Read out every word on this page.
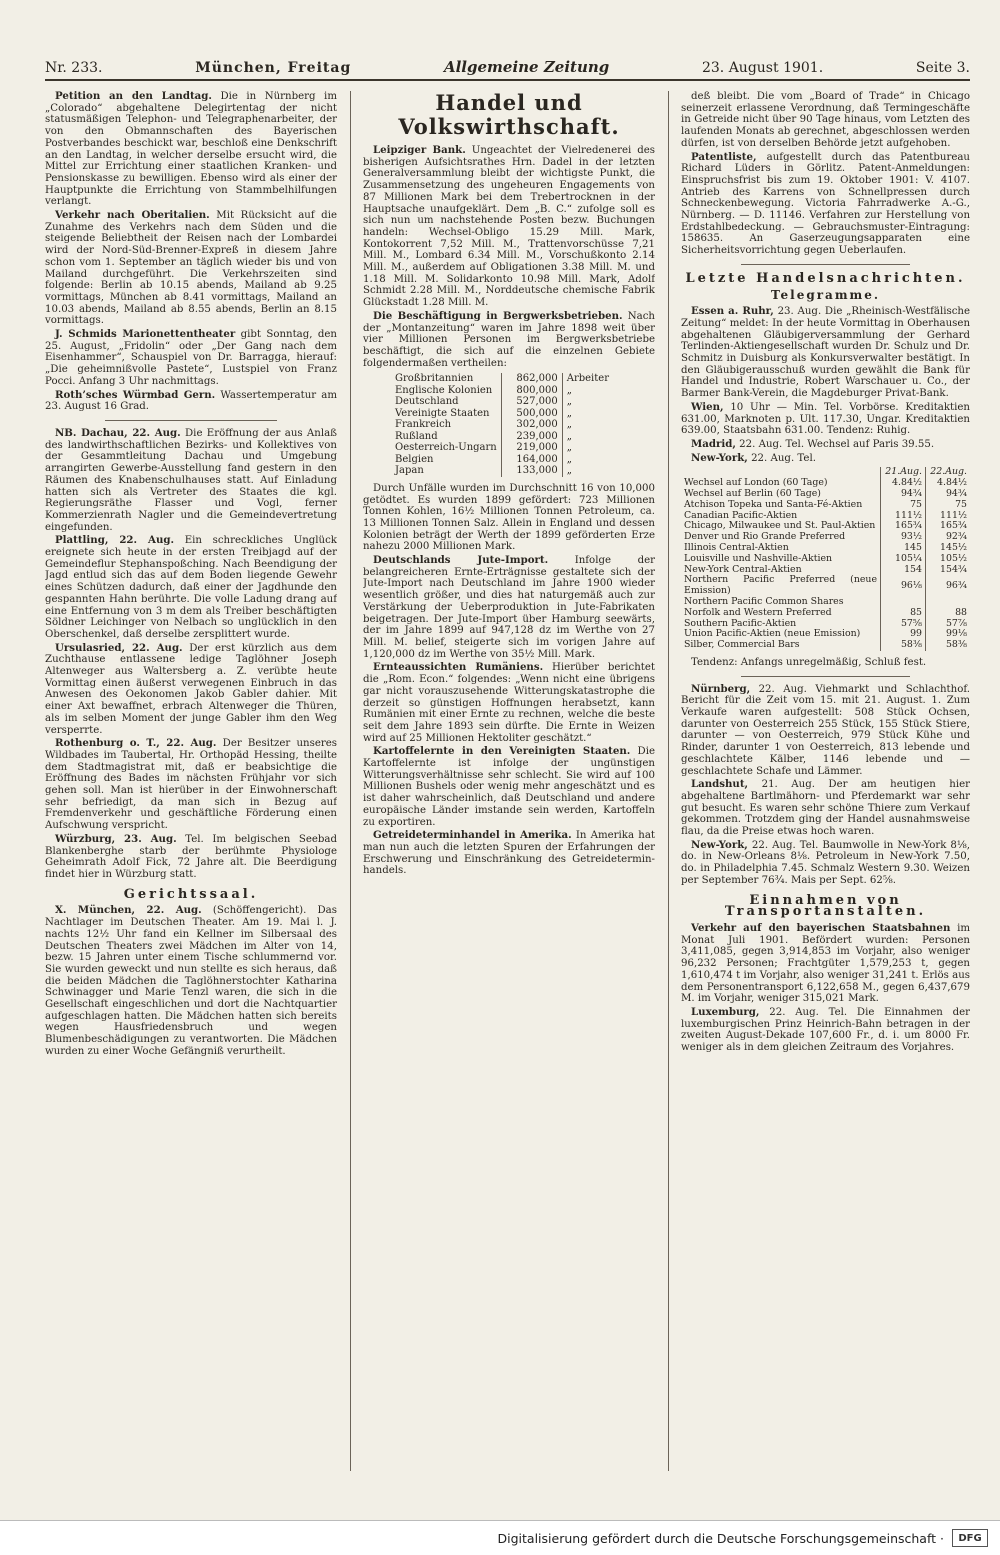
Nr. 233.	München, Freitag	Allgemeine Zeitung	23. August 1901.	Seite 3.

Petition an den Landtag. Die in Nürnberg im „Colorado“ abgehaltene Delegirtentag der nicht statusmäßigen Telephon- und Telegraphenarbeiter, der von den Obmannschaften des Bayerischen Postverbandes beschickt war, beschloß eine Denkschrift an den Landtag, in welcher derselbe ersucht wird, die Mittel zur Errichtung einer staatlichen Kranken- und Pensionskasse zu bewilligen. Ebenso wird als einer der Hauptpunkte die Errichtung von Stammbelhilfungen verlangt.

Verkehr nach Oberitalien. Mit Rücksicht auf die Zunahme des Verkehrs nach dem Süden und die steigende Beliebtheit der Reisen nach der Lombardei wird der Nord-Süd-Brenner-Expreß in diesem Jahre schon vom 1. September an täglich wieder bis und von Mailand durchgeführt. Die Verkehrszeiten sind folgende: Berlin ab 10.15 abends, Mailand ab 9.25 vormittags, München ab 8.41 vormittags, Mailand an 10.03 abends, Mailand ab 8.55 abends, Berlin an 8.15 vormittags.

J. Schmids Marionettentheater gibt Sonntag, den 25. August, „Fridolin“ oder „Der Gang nach dem Eisenhammer“, Schauspiel von Dr. Barragga, hierauf: „Die geheimnißvolle Pastete“, Lustspiel von Franz Pocci. Anfang 3 Uhr nachmittags.

Roth’sches Würmbad Gern. Wassertemperatur am 23. August 16 Grad.

NB. Dachau, 22. Aug. Die Eröffnung der aus Anlaß des landwirthschaftlichen Bezirks- und Kollektives von der Gesammtleitung Dachau und Umgebung arrangirten Gewerbe-Ausstellung fand gestern in den Räumen des Knabenschulhauses statt. Auf Einladung hatten sich als Vertreter des Staates die kgl. Regierungsräthe Flasser und Vogl, ferner Kommerzienrath Nagler und die Gemeindevertretung eingefunden.

Plattling, 22. Aug. Ein schreckliches Unglück ereignete sich heute in der ersten Treibjagd auf der Gemeindeflur Stephanspoßching. Nach Beendigung der Jagd entlud sich das auf dem Boden liegende Gewehr eines Schützen dadurch, daß einer der Jagdhunde den gespannten Hahn berührte. Die volle Ladung drang auf eine Entfernung von 3 m dem als Treiber beschäftigten Söldner Leichinger von Nelbach so unglücklich in den Oberschenkel, daß derselbe zersplittert wurde.

Ursulasried, 22. Aug. Der erst kürzlich aus dem Zuchthause entlassene ledige Taglöhner Joseph Altenweger aus Waltersberg a. Z. verübte heute Vormittag einen äußerst verwegenen Einbruch in das Anwesen des Oekonomen Jakob Gabler dahier. Mit einer Axt bewaffnet, erbrach Altenweger die Thüren, als im selben Moment der junge Gabler ihm den Weg versperrte.

Rothenburg o. T., 22. Aug. Der Besitzer unseres Wildbades im Taubertal, Hr. Orthopäd Hessing, theilte dem Stadtmagistrat mit, daß er beabsichtige die Eröffnung des Bades im nächsten Frühjahr vor sich gehen soll. Man ist hierüber in der Einwohnerschaft sehr befriedigt, da man sich in Bezug auf Fremdenverkehr und geschäftliche Förderung einen Aufschwung verspricht.

Würzburg, 23. Aug. Tel. Im belgischen Seebad Blankenberghe starb der berühmte Physiologe Geheimrath Adolf Fick, 72 Jahre alt. Die Beerdigung findet hier in Würzburg statt.

Gerichtssaal.

X. München, 22. Aug. (Schöffengericht). Das Nachtlager im Deutschen Theater. Am 19. Mai l. J. nachts 12½ Uhr fand ein Kellner im Silbersaal des Deutschen Theaters zwei Mädchen im Alter von 14, bezw. 15 Jahren unter einem Tische schlummernd vor. Sie wurden geweckt und nun stellte es sich heraus, daß die beiden Mädchen die Taglöhnerstochter Katharina Schwinagger und Marie Tenzl waren, die sich in die Gesellschaft eingeschlichen und dort die Nachtquartier aufgeschlagen hatten. Die Mädchen hatten sich bereits wegen Hausfriedensbruch und wegen Blumenbeschädigungen zu verantworten. Die Mädchen wurden zu einer Woche Gefängniß verurtheilt.

Handel und Volkswirthschaft.

Leipziger Bank. Ungeachtet der Vielredenerei des bisherigen Aufsichtsrathes Hrn. Dadel in der letzten Generalversammlung bleibt der wichtigste Punkt, die Zusammensetzung des ungeheuren Engagements von 87 Millionen Mark bei dem Trebertrocknen in der Hauptsache unaufgeklärt. Dem „B. C.“ zufolge soll es sich nun um nachstehende Posten bezw. Buchungen handeln: Wechsel-Obligo 15.29 Mill. Mark, Kontokorrent 7,52 Mill. M., Trattenvorschüsse 7,21 Mill. M., Lombard 6.34 Mill. M., Vorschußkonto 2.14 Mill. M., außerdem auf Obligationen 3.38 Mill. M. und 1.18 Mill. M. Solidarkonto 10.98 Mill. Mark, Adolf Schmidt 2.28 Mill. M., Norddeutsche chemische Fabrik Glückstadt 1.28 Mill. M.

Die Beschäftigung in Bergwerksbetrieben. Nach der „Montanzeitung“ waren im Jahre 1898 weit über vier Millionen Personen im Bergwerksbetriebe beschäftigt, die sich auf die einzelnen Gebiete folgendermaßen vertheilen:

Großbritannien	862,000	Arbeiter
Englische Kolonien	800,000	„
Deutschland	527,000	„
Vereinigte Staaten	500,000	„
Frankreich	302,000	„
Rußland	239,000	„
Oesterreich-Ungarn	219,000	„
Belgien	164,000	„
Japan	133,000	„

Durch Unfälle wurden im Durchschnitt 16 von 10,000 getödtet. Es wurden 1899 gefördert: 723 Millionen Tonnen Kohlen, 16½ Millionen Tonnen Petroleum, ca. 13 Millionen Tonnen Salz. Allein in England und dessen Kolonien beträgt der Werth der 1899 geförderten Erze nahezu 2000 Millionen Mark.

Deutschlands Jute-Import.	Infolge der belangreicheren Ernte-Erträgnisse gestaltete sich der Jute-Import nach Deutschland im Jahre 1900 wieder wesentlich größer, und dies hat naturgemäß auch zur Verstärkung der Ueberproduktion in Jute-Fabrikaten beigetragen. Der Jute-Import über Hamburg seewärts, der im Jahre 1899 auf 947,128 dz im Werthe von 27 Mill. M. belief, steigerte sich im vorigen Jahre auf 1,120,000 dz im Werthe von 35½ Mill. Mark.

Ernteaussichten Rumäniens. Hierüber berichtet die „Rom. Econ.“ folgendes: „Wenn nicht eine übrigens gar nicht vorauszusehende Witterungskatastrophe die derzeit so günstigen Hoffnungen herabsetzt, kann Rumänien mit einer Ernte zu rechnen, welche die beste seit dem Jahre 1893 sein dürfte. Die Ernte in Weizen wird auf 25 Millionen Hektoliter geschätzt.“

Kartoffelernte in den Vereinigten Staaten. Die Kartoffelernte ist infolge der ungünstigen Witterungsverhältnisse sehr schlecht. Sie wird auf 100 Millionen Bushels oder wenig mehr angeschätzt und es ist daher wahrscheinlich, daß Deutschland und andere europäische Länder imstande sein werden, Kartoffeln zu exportiren.

Getreideterminhandel in Amerika. In Amerika hat man nun auch die letzten Spuren der Erfahrungen der Erschwerung und Einschränkung des Getreideterminhandels.

deß bleibt. Die vom „Board of Trade“ in Chicago seinerzeit erlassene Verordnung, daß Termingeschäfte in Getreide nicht über 90 Tage hinaus, vom Letzten des laufenden Monats ab gerechnet, abgeschlossen werden dürfen, ist von derselben Behörde jetzt aufgehoben.

Patentliste, aufgestellt durch das Patentbureau Richard Lüders in Görlitz. Patent-Anmeldungen: Einspruchsfrist bis zum 19. Oktober 1901: V. 4107. Antrieb des Karrens von Schnellpressen durch Schneckenbewegung. Victoria Fahrradwerke A.-G., Nürnberg. — D. 11146. Verfahren zur Herstellung von Erdstahlbedeckung. — Gebrauchsmuster-Eintragung: 158635. An Gaserzeugungsapparaten eine Sicherheitsvorrichtung gegen Ueberlaufen.

Letzte Handelsnachrichten.
Telegramme.

Essen a. Ruhr, 23. Aug. Die „Rheinisch-Westfälische Zeitung“ meldet: In der heute Vormittag in Oberhausen abgehaltenen Gläubigerversammlung der Gerhard Terlinden-Aktiengesellschaft wurden Dr. Schulz und Dr. Schmitz in Duisburg als Konkursverwalter bestätigt. In den Gläubigerausschuß wurden gewählt die Bank für Handel und Industrie, Robert Warschauer u. Co., der Barmer Bank-Verein, die Magdeburger Privat-Bank.

Wien, 10 Uhr — Min. Tel. Vorbörse. Kreditaktien 631.00, Marknoten p. Ult. 117.30, Ungar. Kreditaktien 639.00, Staatsbahn 631.00. Tendenz: Ruhig.

Madrid, 22. Aug. Tel. Wechsel auf Paris 39.55.

New-York, 22. Aug. Tel.

	21.Aug.	22.Aug.
Wechsel auf London (60 Tage)	4.84½	4.84½
Wechsel auf Berlin (60 Tage)	94¾	94¾
Atchison Topeka und Santa-Fé-Aktien	75	75
Canadian Pacific-Aktien	111½	111½
Chicago, Milwaukee und St. Paul-Aktien	165¾	165¾
Denver und Rio Grande Preferred	93½	92¾
Illinois Central-Aktien	145	145½
Louisville und Nashville-Aktien	105¼	105½
New-York Central-Aktien	154	154¾
Northern Pacific Preferred (neue Emission)	96⅛	96¾
Northern Pacific Common Shares		
Norfolk and Western Preferred	85	88
Southern Pacific-Aktien	57⅝	57⅞
Union Pacific-Aktien (neue Emission)	99	99⅛
Silber, Commercial Bars	58⅜	58⅜

Tendenz: Anfangs unregelmäßig, Schluß fest.

Nürnberg, 22. Aug. Viehmarkt und Schlachthof. Bericht für die Zeit vom 15. mit 21. August. 1. Zum Verkaufe waren aufgestellt: 508 Stück Ochsen, darunter von Oesterreich 255 Stück, 155 Stück Stiere, darunter — von Oesterreich, 979 Stück Kühe und Rinder, darunter 1 von Oesterreich, 813 lebende und geschlachtete Kälber, 1146 lebende und — geschlachtete Schafe und Lämmer.

Landshut, 21. Aug. Der am heutigen hier abgehaltene Bartlmähorn- und Pferdemarkt war sehr gut besucht. Es waren sehr schöne Thiere zum Verkauf gekommen. Trotzdem ging der Handel ausnahmsweise flau, da die Preise etwas hoch waren.

New-York, 22. Aug. Tel. Baumwolle in New-York 8⅛, do. in New-Orleans 8⅛. Petroleum in New-York 7.50, do. in Philadelphia 7.45. Schmalz Western 9.30. Weizen per September 76¾. Mais per Sept. 62⅝.

Einnahmen von Transportanstalten.

Verkehr auf den bayerischen Staatsbahnen im Monat Juli 1901. Befördert wurden: Personen 3,411,085, gegen 3,914,853 im Vorjahr, also weniger 96,232 Personen; Frachtgüter 1,579,253 t, gegen 1,610,474 t im Vorjahr, also weniger 31,241 t. Erlös aus dem Personentransport 6,122,658 M., gegen 6,437,679 M. im Vorjahr, weniger 315,021 Mark.

Luxemburg, 22. Aug. Tel. Die Einnahmen der luxemburgischen Prinz Heinrich-Bahn betragen in der zweiten August-Dekade 107,600 Fr., d. i. um 8000 Fr. weniger als in dem gleichen Zeitraum des Vorjahres.

Digitalisierung gefördert durch die Deutsche Forschungsgemeinschaft ·	DFG
